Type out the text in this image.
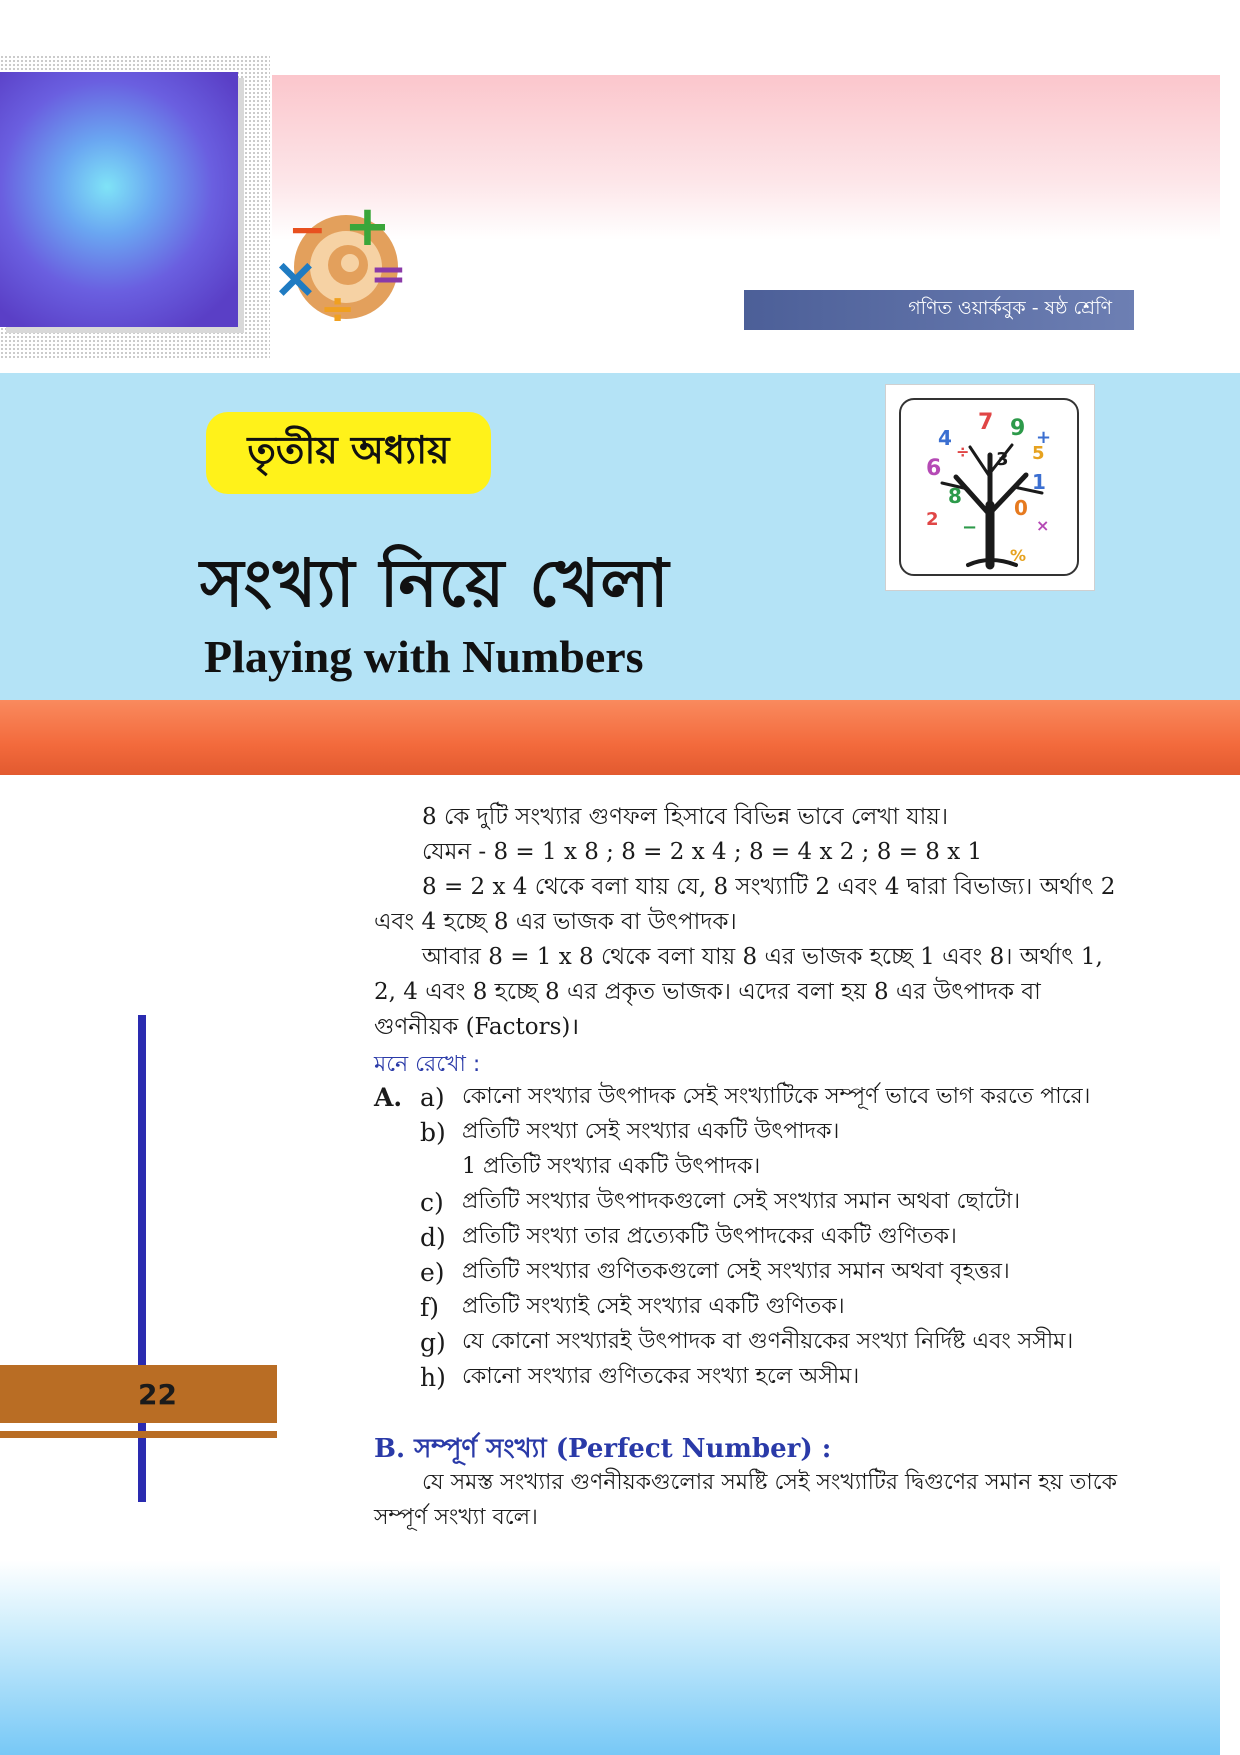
− +
× =
÷	গণিত ওয়ার্কবুক - ষষ্ঠ শ্রেণি
তৃতীয় অধ্যায়
সংখ্যা নিয়ে খেলা
Playing with Numbers
4
7 9
5
6	3
8
1
2	0
÷
+
−	×
%
22
8 কে দুটি সংখ্যার গুণফল হিসাবে বিভিন্ন ভাবে লেখা যায়।
যেমন - 8 = 1 x 8 ; 8 = 2 x 4 ; 8 = 4 x 2 ; 8 = 8 x 1
8 = 2 x 4 থেকে বলা যায় যে, 8 সংখ্যাটি 2 এবং 4 দ্বারা বিভাজ্য। অর্থাৎ 2 এবং 4 হচ্ছে 8 এর ভাজক বা উৎপাদক।
আবার 8 = 1 x 8 থেকে বলা যায় 8 এর ভাজক হচ্ছে 1 এবং 8। অর্থাৎ 1, 2, 4 এবং 8 হচ্ছে 8 এর প্রকৃত ভাজক। এদের বলা হয় 8 এর উৎপাদক বা গুণনীয়ক (Factors)।
মনে রেখো :
A. a) কোনো সংখ্যার উৎপাদক সেই সংখ্যাটিকে সম্পূর্ণ ভাবে ভাগ করতে পারে।
b) প্রতিটি সংখ্যা সেই সংখ্যার একটি উৎপাদক।
1 প্রতিটি সংখ্যার একটি উৎপাদক।
c) প্রতিটি সংখ্যার উৎপাদকগুলো সেই সংখ্যার সমান অথবা ছোটো।
d) প্রতিটি সংখ্যা তার প্রত্যেকটি উৎপাদকের একটি গুণিতক।
e) প্রতিটি সংখ্যার গুণিতকগুলো সেই সংখ্যার সমান অথবা বৃহত্তর।
f)	প্রতিটি সংখ্যাই সেই সংখ্যার একটি গুণিতক।
g) যে কোনো সংখ্যারই উৎপাদক বা গুণনীয়কের সংখ্যা নির্দিষ্ট এবং সসীম।
h) কোনো সংখ্যার গুণিতকের সংখ্যা হলে অসীম।
B. সম্পূর্ণ সংখ্যা (Perfect Number) :
যে সমস্ত সংখ্যার গুণনীয়কগুলোর সমষ্টি সেই সংখ্যাটির দ্বিগুণের সমান হয় তাকে সম্পূর্ণ সংখ্যা বলে।
